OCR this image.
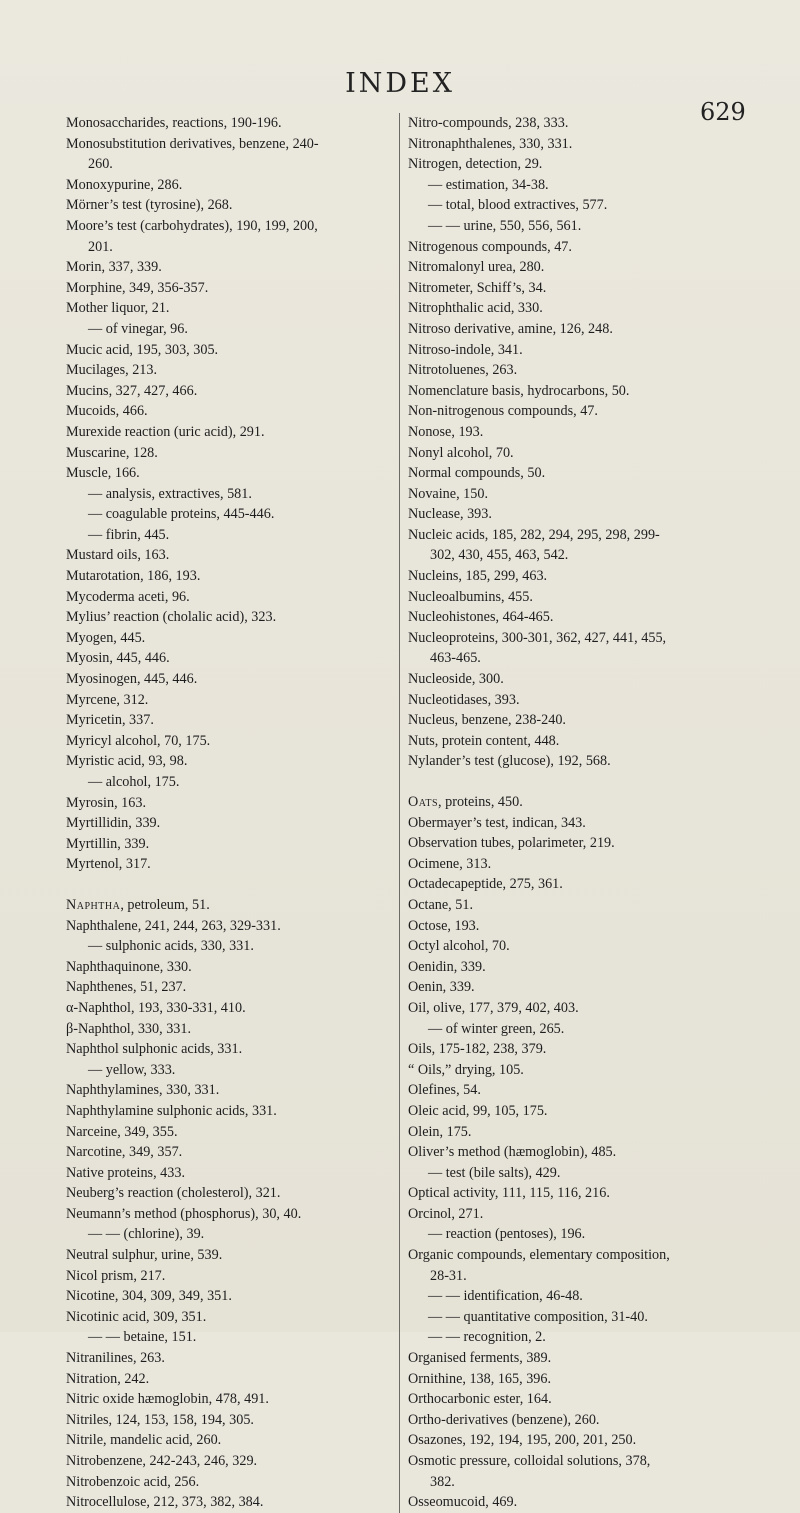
INDEX
629
Monosaccharides, reactions, 190-196.
Monosubstitution derivatives, benzene, 240-
260.
Monoxypurine, 286.
Mörner’s test (tyrosine), 268.
Moore’s test (carbohydrates), 190, 199, 200,
201.
Morin, 337, 339.
Morphine, 349, 356-357.
Mother liquor, 21.
— of vinegar, 96.
Mucic acid, 195, 303, 305.
Mucilages, 213.
Mucins, 327, 427, 466.
Mucoids, 466.
Murexide reaction (uric acid), 291.
Muscarine, 128.
Muscle, 166.
— analysis, extractives, 581.
— coagulable proteins, 445-446.
— fibrin, 445.
Mustard oils, 163.
Mutarotation, 186, 193.
Mycoderma aceti, 96.
Mylius’ reaction (cholalic acid), 323.
Myogen, 445.
Myosin, 445, 446.
Myosinogen, 445, 446.
Myrcene, 312.
Myricetin, 337.
Myricyl alcohol, 70, 175.
Myristic acid, 93, 98.
— alcohol, 175.
Myrosin, 163.
Myrtillidin, 339.
Myrtillin, 339.
Myrtenol, 317.
Naphtha, petroleum, 51.
Naphthalene, 241, 244, 263, 329-331.
— sulphonic acids, 330, 331.
Naphthaquinone, 330.
Naphthenes, 51, 237.
α-Naphthol, 193, 330-331, 410.
β-Naphthol, 330, 331.
Naphthol sulphonic acids, 331.
— yellow, 333.
Naphthylamines, 330, 331.
Naphthylamine sulphonic acids, 331.
Narceine, 349, 355.
Narcotine, 349, 357.
Native proteins, 433.
Neuberg’s reaction (cholesterol), 321.
Neumann’s method (phosphorus), 30, 40.
— — (chlorine), 39.
Neutral sulphur, urine, 539.
Nicol prism, 217.
Nicotine, 304, 309, 349, 351.
Nicotinic acid, 309, 351.
— — betaine, 151.
Nitranilines, 263.
Nitration, 242.
Nitric oxide hæmoglobin, 478, 491.
Nitriles, 124, 153, 158, 194, 305.
Nitrile, mandelic acid, 260.
Nitrobenzene, 242-243, 246, 329.
Nitrobenzoic acid, 256.
Nitrocellulose, 212, 373, 382, 384.
Nitro-compounds, 238, 333.
Nitronaphthalenes, 330, 331.
Nitrogen, detection, 29.
— estimation, 34-38.
— total, blood extractives, 577.
— — urine, 550, 556, 561.
Nitrogenous compounds, 47.
Nitromalonyl urea, 280.
Nitrometer, Schiff’s, 34.
Nitrophthalic acid, 330.
Nitroso derivative, amine, 126, 248.
Nitroso-indole, 341.
Nitrotoluenes, 263.
Nomenclature basis, hydrocarbons, 50.
Non-nitrogenous compounds, 47.
Nonose, 193.
Nonyl alcohol, 70.
Normal compounds, 50.
Novaine, 150.
Nuclease, 393.
Nucleic acids, 185, 282, 294, 295, 298, 299-
302, 430, 455, 463, 542.
Nucleins, 185, 299, 463.
Nucleoalbumins, 455.
Nucleohistones, 464-465.
Nucleoproteins, 300-301, 362, 427, 441, 455,
463-465.
Nucleoside, 300.
Nucleotidases, 393.
Nucleus, benzene, 238-240.
Nuts, protein content, 448.
Nylander’s test (glucose), 192, 568.
Oats, proteins, 450.
Obermayer’s test, indican, 343.
Observation tubes, polarimeter, 219.
Ocimene, 313.
Octadecapeptide, 275, 361.
Octane, 51.
Octose, 193.
Octyl alcohol, 70.
Oenidin, 339.
Oenin, 339.
Oil, olive, 177, 379, 402, 403.
— of winter green, 265.
Oils, 175-182, 238, 379.
“ Oils,” drying, 105.
Olefines, 54.
Oleic acid, 99, 105, 175.
Olein, 175.
Oliver’s method (hæmoglobin), 485.
— test (bile salts), 429.
Optical activity, 111, 115, 116, 216.
Orcinol, 271.
— reaction (pentoses), 196.
Organic compounds, elementary composition,
28-31.
— — identification, 46-48.
— — quantitative composition, 31-40.
— — recognition, 2.
Organised ferments, 389.
Ornithine, 138, 165, 396.
Orthocarbonic ester, 164.
Ortho-derivatives (benzene), 260.
Osazones, 192, 194, 195, 200, 201, 250.
Osmotic pressure, colloidal solutions, 378,
382.
Osseomucoid, 469.
